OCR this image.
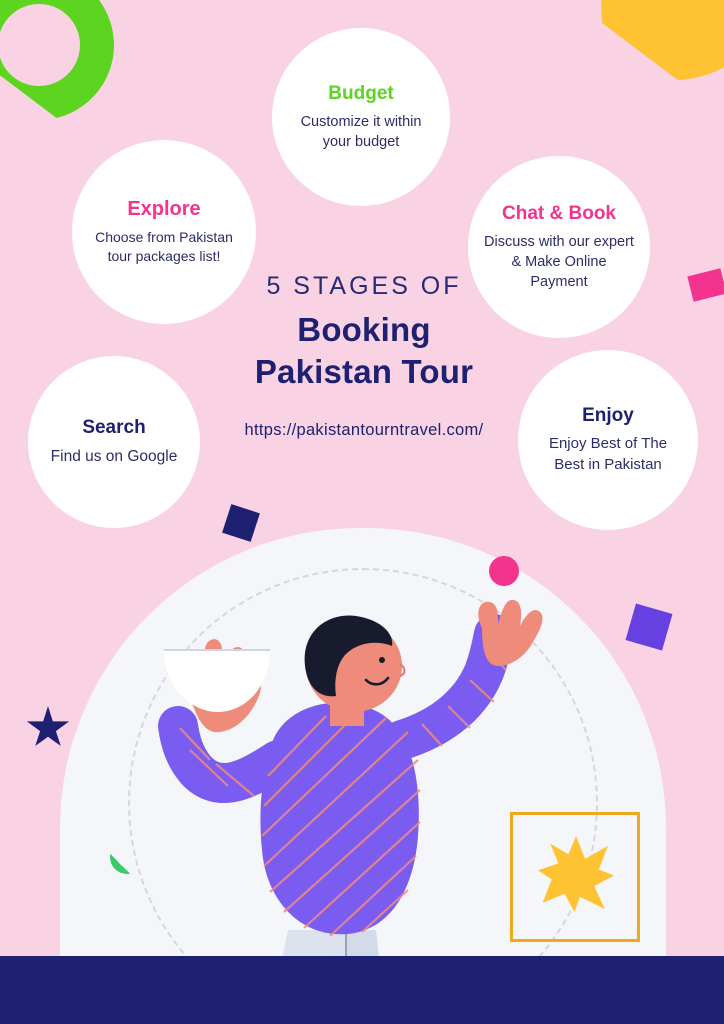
5 STAGES OF
Booking
Pakistan Tour
https://pakistantourntravel.com/
Budget
Customize it within your budget
Explore
Choose from Pakistan tour packages list!
Chat & Book
Discuss with our expert & Make Online Payment
Search
Find us on Google
Enjoy
Enjoy Best of The Best in Pakistan
